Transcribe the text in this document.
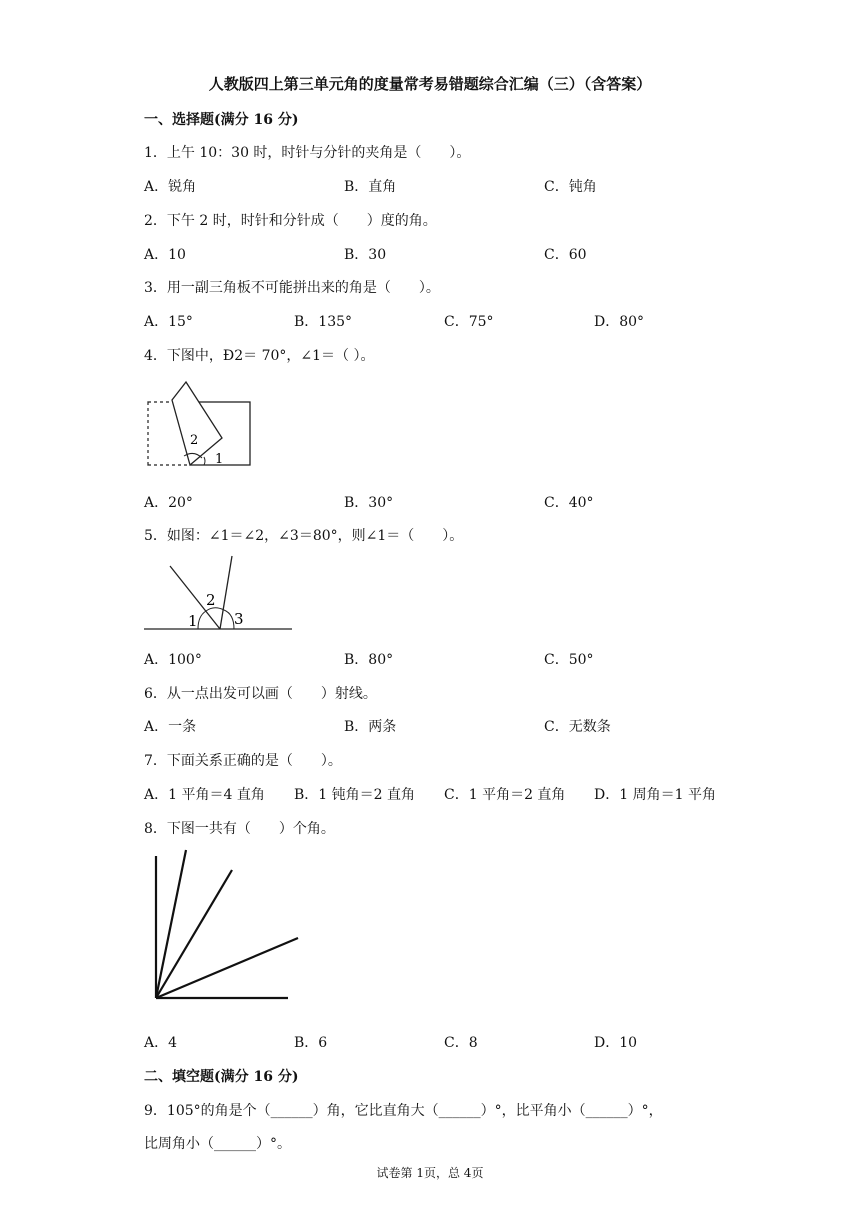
人教版四上第三单元角的度量常考易错题综合汇编（三）（含答案）
一、选择题(满分 16 分)
1．上午 10：30 时，时针与分针的夹角是（　　）。
A．锐角	B．直角	C．钝角
2．下午 2 时，时针和分针成（　　）度的角。
A．10	B．30	C．60
3．用一副三角板不可能拼出来的角是（　　）。
A．15°	B．135°	C．75°	D．80°
4．下图中，Ð2＝ 70°，∠1＝（ ）。
2
1
A．20°	B．30°	C．40°
5．如图：∠1＝∠2，∠3＝80°，则∠1＝（　　）。
1
2
3
A．100°	B．80°	C．50°
6．从一点出发可以画（　　）射线。
A．一条	B．两条	C．无数条
7．下面关系正确的是（　　）。
A．1 平角＝4 直角 B．1 钝角＝2 直角 C．1 平角＝2 直角 D．1 周角＝1 平角
8．下图一共有（　　）个角。
A．4	B．6	C．8	D．10
二、填空题(满分 16 分)
9．105°的角是个（______）角，它比直角大（______）°，比平角小（______）°，
比周角小（______）°。
试卷第 1页，总 4页
